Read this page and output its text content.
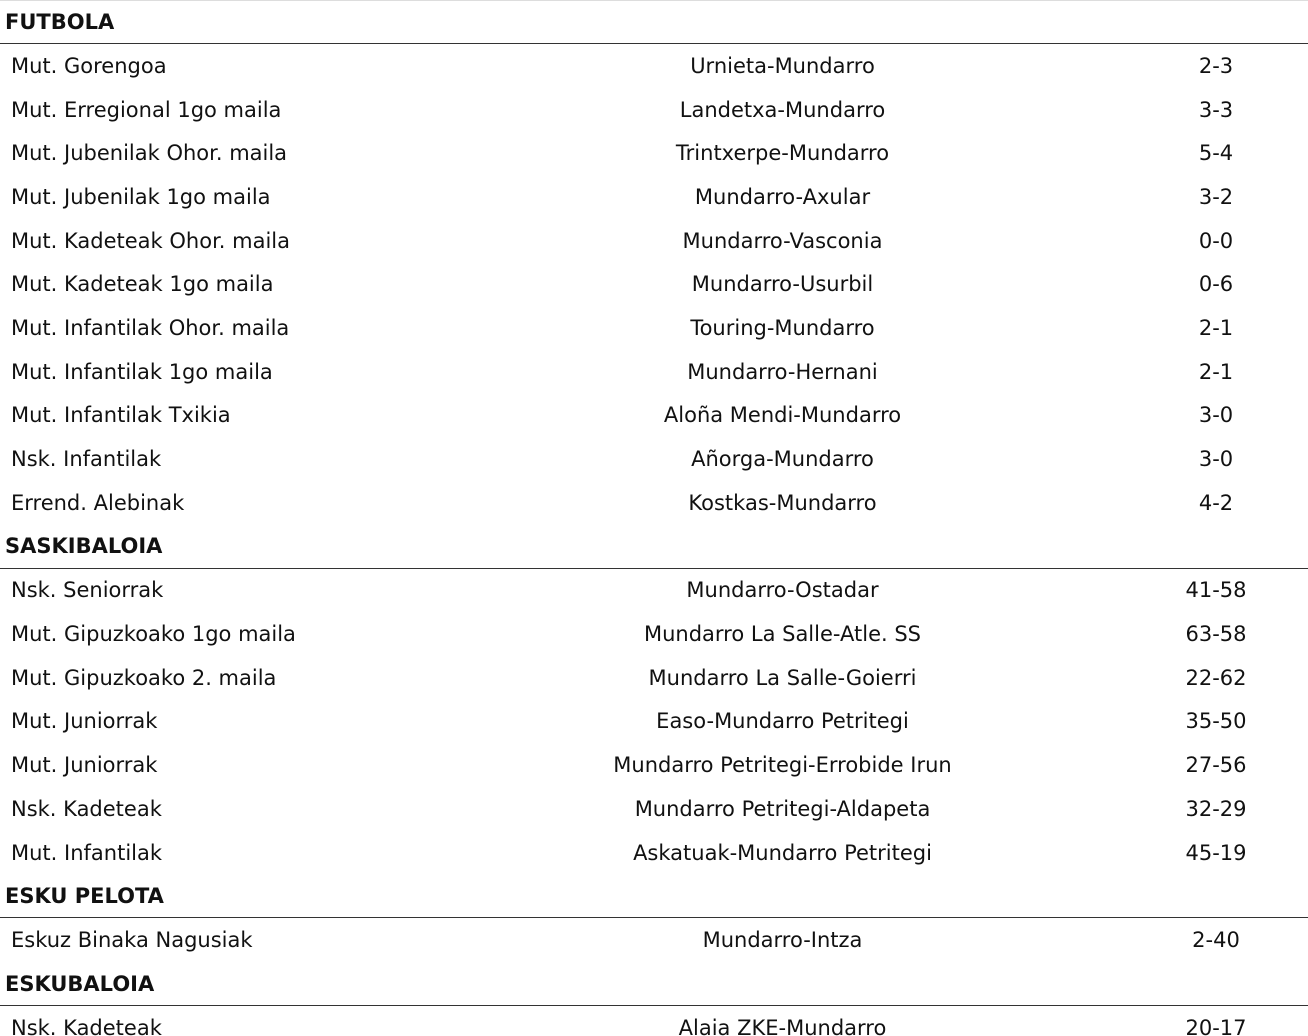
FUTBOLA
Mut. Gorengoa	Urnieta-Mundarro	2-3
Mut. Erregional 1go maila	Landetxa-Mundarro	3-3
Mut. Jubenilak Ohor. maila	Trintxerpe-Mundarro	5-4
Mut. Jubenilak 1go maila	Mundarro-Axular	3-2
Mut. Kadeteak Ohor. maila	Mundarro-Vasconia	0-0
Mut. Kadeteak 1go maila	Mundarro-Usurbil	0-6
Mut. Infantilak Ohor. maila	Touring-Mundarro	2-1
Mut. Infantilak 1go maila	Mundarro-Hernani	2-1
Mut. Infantilak Txikia	Aloña Mendi-Mundarro	3-0
Nsk. Infantilak	Añorga-Mundarro	3-0
Errend. Alebinak	Kostkas-Mundarro	4-2
SASKIBALOIA
Nsk. Seniorrak	Mundarro-Ostadar	41-58
Mut. Gipuzkoako 1go maila	Mundarro La Salle-Atle. SS	63-58
Mut. Gipuzkoako 2. maila	Mundarro La Salle-Goierri	22-62
Mut. Juniorrak	Easo-Mundarro Petritegi	35-50
Mut. Juniorrak	Mundarro Petritegi-Errobide Irun	27-56
Nsk. Kadeteak	Mundarro Petritegi-Aldapeta	32-29
Mut. Infantilak	Askatuak-Mundarro Petritegi	45-19
ESKU PELOTA
Eskuz Binaka Nagusiak	Mundarro-Intza	2-40
ESKUBALOIA
Nsk. Kadeteak	Alaia ZKE-Mundarro	20-17
